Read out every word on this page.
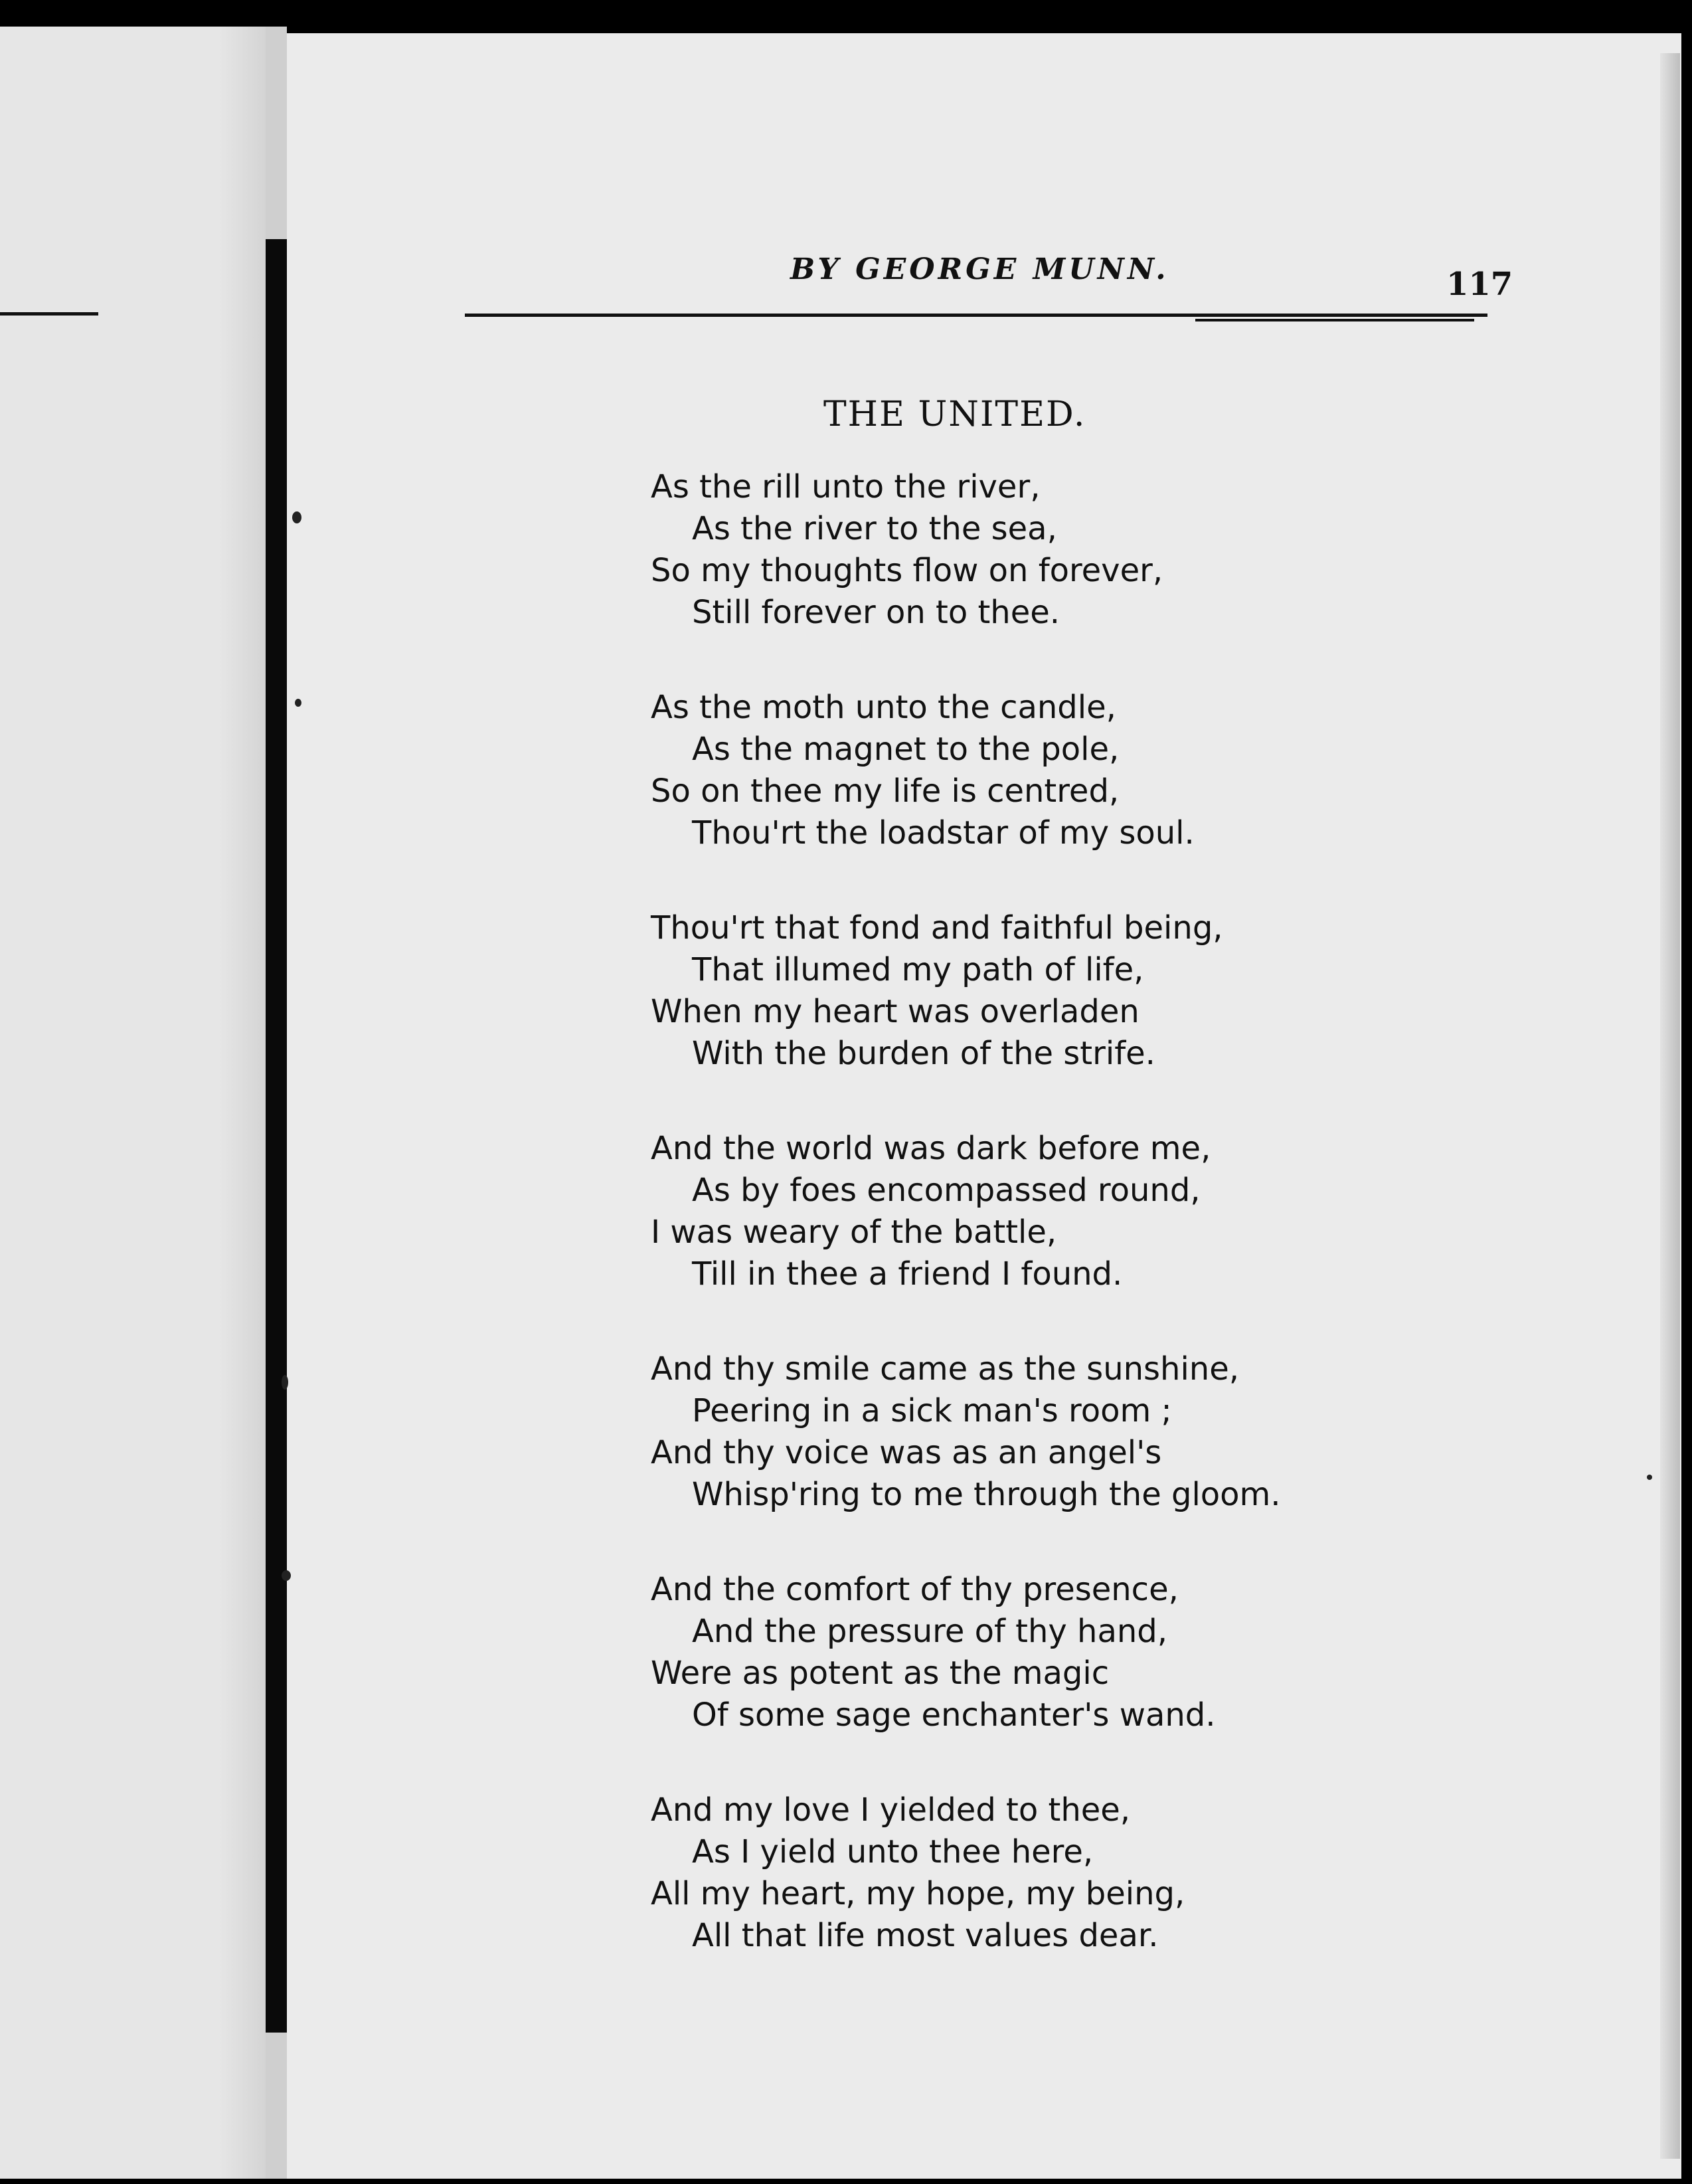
BY GEORGE MUNN.	117
THE UNITED.
As the rill unto the river,
As the river to the sea,
So my thoughts flow on forever,
Still forever on to thee.
As the moth unto the candle,
As the magnet to the pole,
So on thee my life is centred,
Thou'rt the loadstar of my soul.
Thou'rt that fond and faithful being,
That illumed my path of life,
When my heart was overladen
With the burden of the strife.
And the world was dark before me,
As by foes encompassed round,
I was weary of the battle,
Till in thee a friend I found.
And thy smile came as the sunshine,
Peering in a sick man's room ;
And thy voice was as an angel's
Whisp'ring to me through the gloom.
And the comfort of thy presence,
And the pressure of thy hand,
Were as potent as the magic
Of some sage enchanter's wand.
And my love I yielded to thee,
As I yield unto thee here,
All my heart, my hope, my being,
All that life most values dear.
